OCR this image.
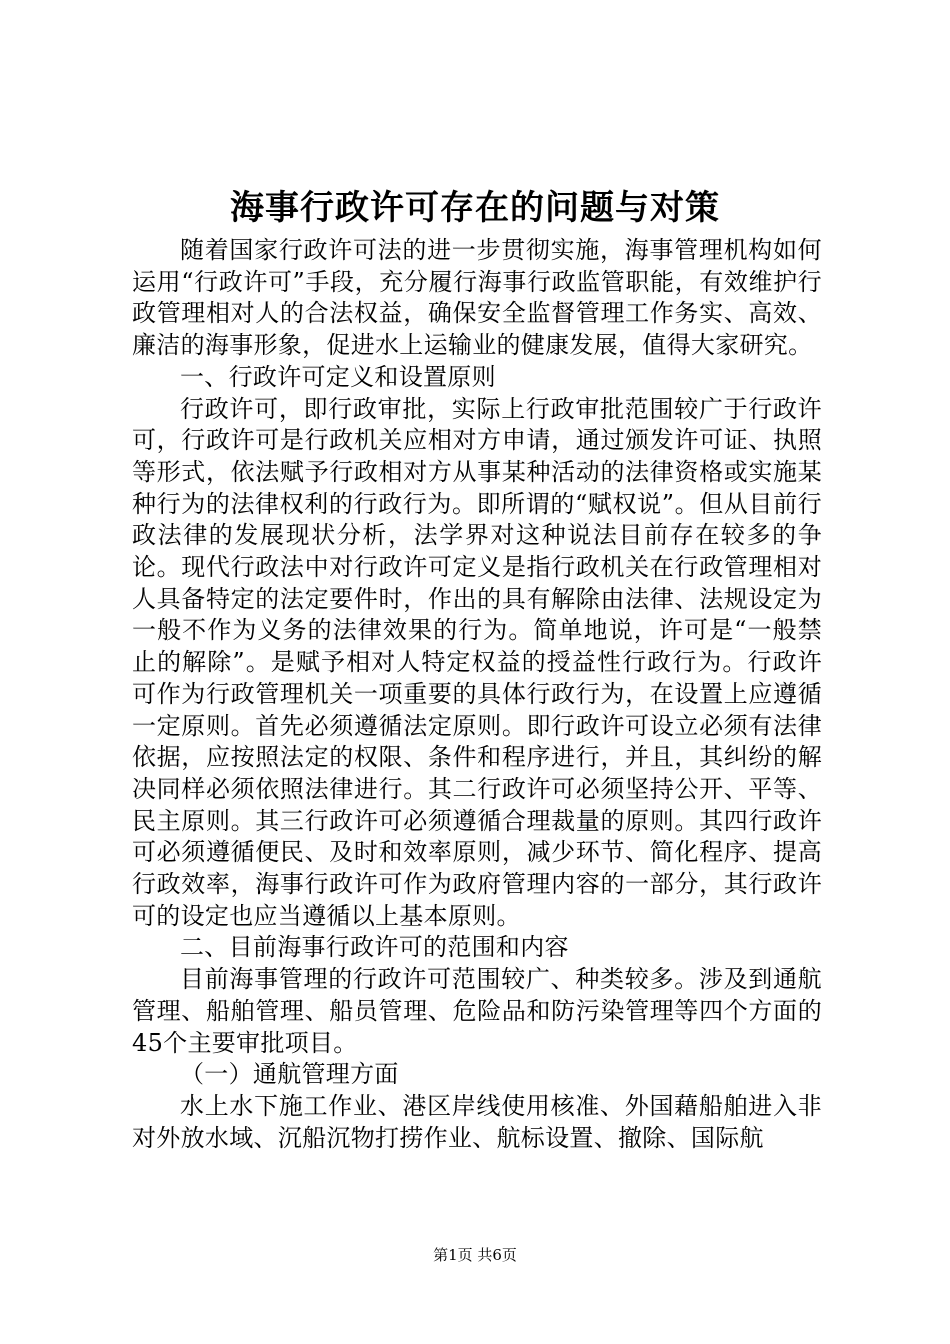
海事行政许可存在的问题与对策

随着国家行政许可法的进一步贯彻实施，海事管理机构如何运用“行政许可”手段，充分履行海事行政监管职能，有效维护行政管理相对人的合法权益，确保安全监督管理工作务实、高效、廉洁的海事形象，促进水上运输业的健康发展，值得大家研究。

一、行政许可定义和设置原则

行政许可，即行政审批，实际上行政审批范围较广于行政许可，行政许可是行政机关应相对方申请，通过颁发许可证、执照等形式，依法赋予行政相对方从事某种活动的法律资格或实施某种行为的法律权利的行政行为。即所谓的“赋权说”。但从目前行政法律的发展现状分析，法学界对这种说法目前存在较多的争论。现代行政法中对行政许可定义是指行政机关在行政管理相对人具备特定的法定要件时，作出的具有解除由法律、法规设定为一般不作为义务的法律效果的行为。简单地说，许可是“一般禁止的解除”。是赋予相对人特定权益的授益性行政行为。行政许可作为行政管理机关一项重要的具体行政行为，在设置上应遵循一定原则。首先必须遵循法定原则。即行政许可设立必须有法律依据，应按照法定的权限、条件和程序进行，并且，其纠纷的解决同样必须依照法律进行。其二行政许可必须坚持公开、平等、民主原则。其三行政许可必须遵循合理裁量的原则。其四行政许可必须遵循便民、及时和效率原则，减少环节、简化程序、提高行政效率，海事行政许可作为政府管理内容的一部分，其行政许可的设定也应当遵循以上基本原则。

二、目前海事行政许可的范围和内容

目前海事管理的行政许可范围较广、种类较多。涉及到通航管理、船舶管理、船员管理、危险品和防污染管理等四个方面的45个主要审批项目。

（一）通航管理方面

水上水下施工作业、港区岸线使用核准、外国藉船舶进入非对外放水域、沉船沉物打捞作业、航标设置、撤除、国际航

第1页 共6页
